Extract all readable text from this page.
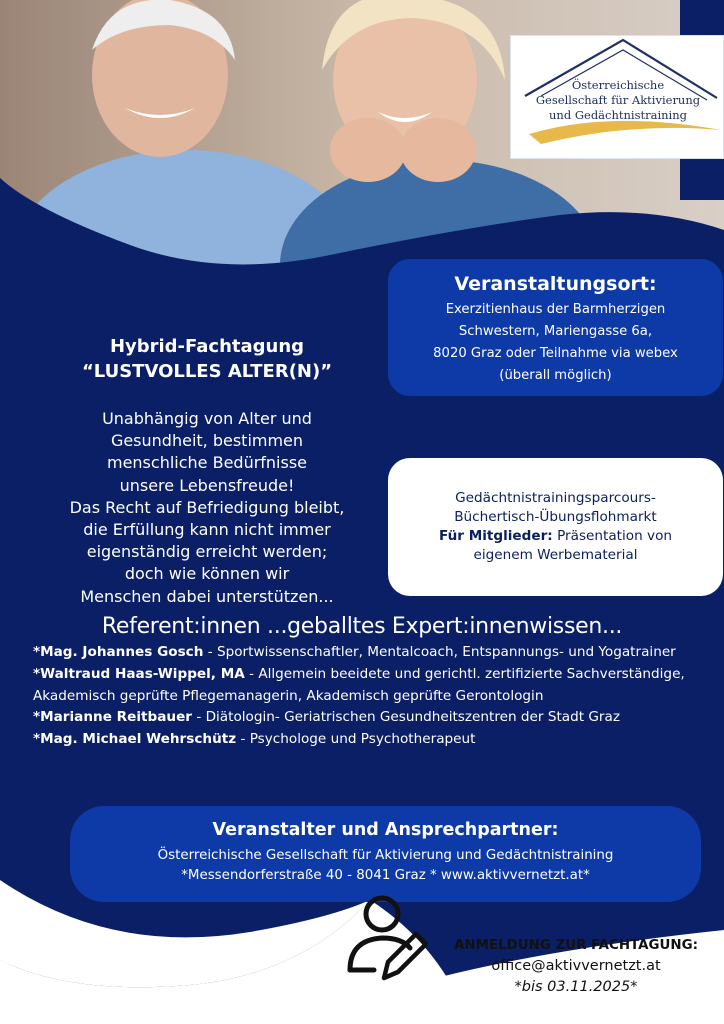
Österreichische
Gesellschaft für Aktivierung
und Gedächtnistraining
Veranstaltungsort:
Exerzitienhaus der Barmherzigen
Schwestern, Mariengasse 6a,
8020 Graz oder Teilnahme via webex
(überall möglich)
Hybrid-Fachtagung
“LUSTVOLLES ALTER(N)”
Unabhängig von Alter und
Gesundheit, bestimmen
menschliche Bedürfnisse
unsere Lebensfreude!
Das Recht auf Befriedigung bleibt,
die Erfüllung kann nicht immer
eigenständig erreicht werden;
doch wie können wir
Menschen dabei unterstützen...
Gedächtnistrainingsparcours-
Büchertisch-Übungsflohmarkt
Für Mitglieder: Präsentation von
eigenem Werbematerial
Referent:innen ...geballtes Expert:innenwissen...

*Mag. Johannes Gosch - Sportwissenschaftler, Mentalcoach, Entspannungs- und Yogatrainer

*Waltraud Haas-Wippel, MA - Allgemein beeidete und gerichtl. zertifizierte Sachverständige, Akademisch geprüfte Pflegemanagerin, Akademisch geprüfte Gerontologin

*Marianne Reitbauer - Diätologin- Geriatrischen Gesundheitszentren der Stadt Graz

*Mag. Michael Wehrschütz - Psychologe und Psychotherapeut

Veranstalter und Ansprechpartner:
Österreichische Gesellschaft für Aktivierung und Gedächtnistraining
*Messendorferstraße 40 - 8041 Graz * www.aktivvernetzt.at*
ANMELDUNG ZUR FACHTAGUNG:
office@aktivvernetzt.at
*bis 03.11.2025*
